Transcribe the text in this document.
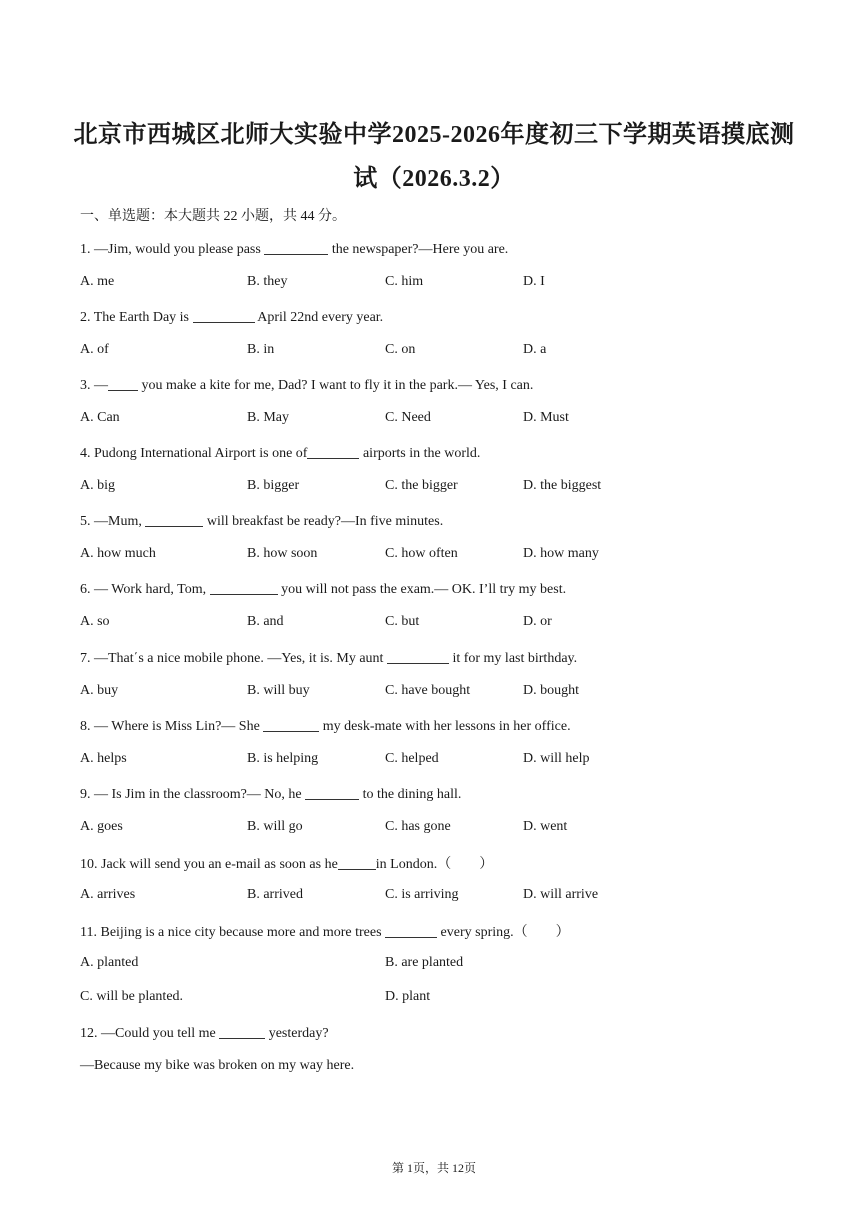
北京市西城区北师大实验中学2025-2026年度初三下学期英语摸底测
试（2026.3.2）

一、单选题：本大题共 22 小题，共 44 分。

1. —Jim, would you please pass	the newspaper?—Here you are.

A. me	B. they	C. him	D. I

2. The Earth Day is	April 22nd every year.

A. of	B. in	C. on	D. a

3. — you make a kite for me, Dad? I want to fly it in the park.— Yes, I can.

A. Can	B. May	C. Need	D. Must

4. Pudong International Airport is one of	airports in the world.

A. big	B. bigger	C. the bigger	D. the biggest

5. —Mum,	will breakfast be ready?—In five minutes.

A. how much	B. how soon	C. how often	D. how many

6. — Work hard, Tom,	you will not pass the exam.— OK. I’ll try my best.

A. so	B. and	C. but	D. or

7. —That΄s a nice mobile phone. —Yes, it is. My aunt	it for my last birthday.

A. buy	B. will buy	C. have bought	D. bought

8. — Where is Miss Lin?— She	my desk-mate with her lessons in her office.

A. helps	B. is helping	C. helped	D. will help

9. — Is Jim in the classroom?— No, he	to the dining hall.

A. goes	B. will go	C. has gone	D. went

10. Jack will send you an e-mail as soon as he	in London.（　　）

A. arrives	B. arrived	C. is arriving	D. will arrive

11. Beijing is a nice city because more and more trees	every spring.（　　）

A. planted	B. are planted
C. will be planted.	D. plant

12. —Could you tell me	yesterday?

—Because my bike was broken on my way here.

第 1页，共 12页
